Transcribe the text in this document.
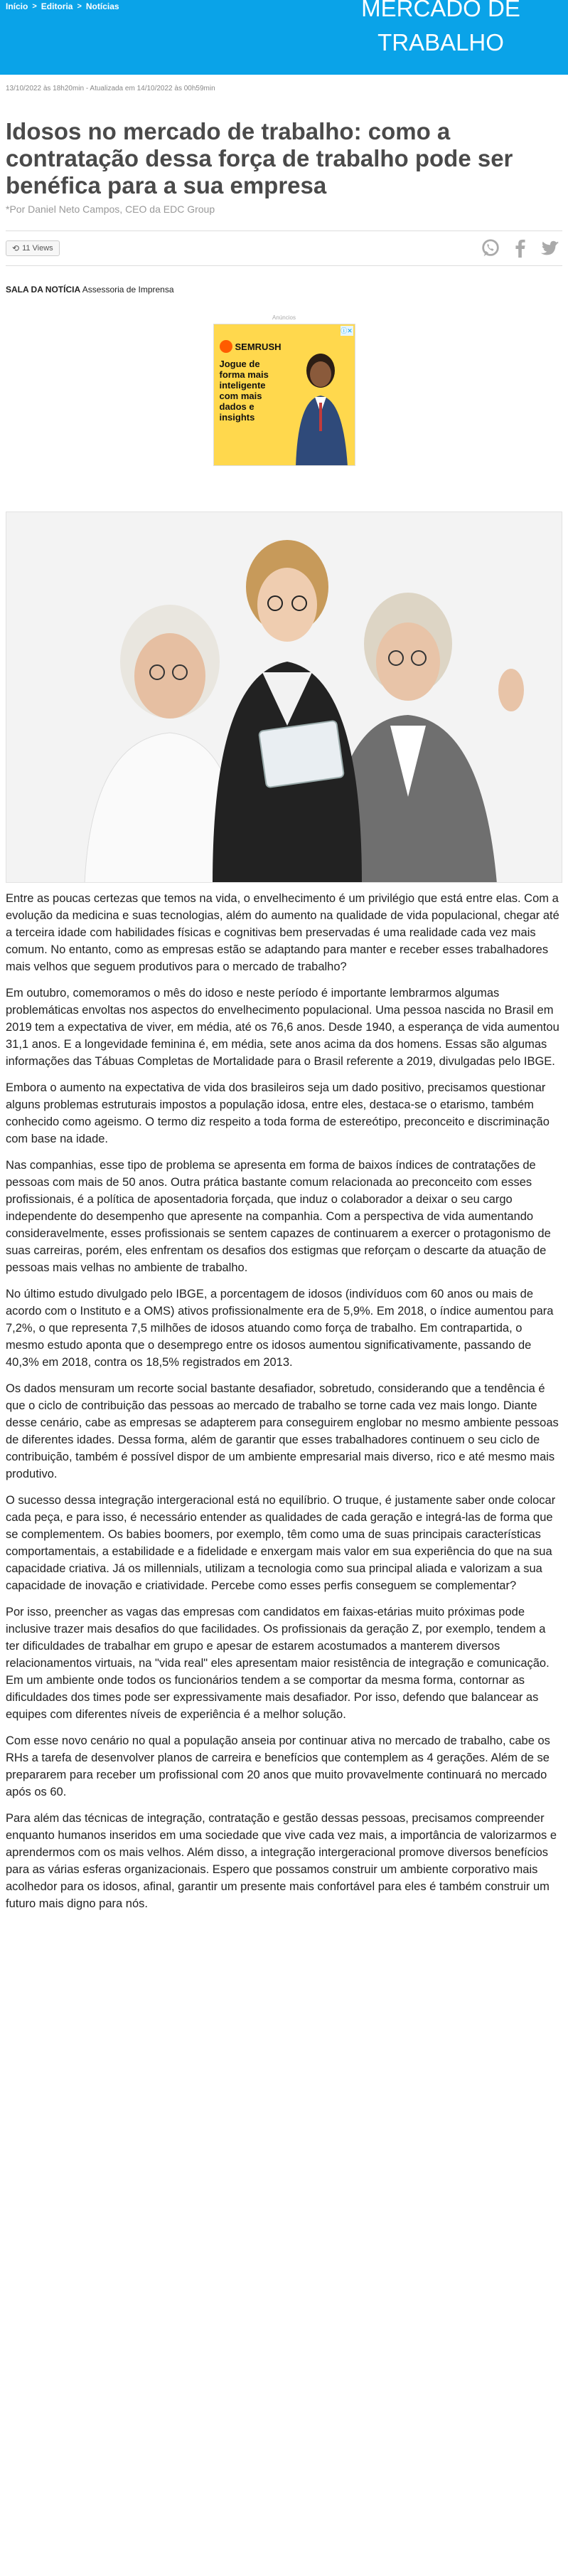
Início > Editoria > Notícias	MERCADO DE
TRABALHO
13/10/2022 às 18h20min - Atualizada em 14/10/2022 às 00h59min
Idosos no mercado de trabalho: como a contratação dessa força de trabalho pode ser benéfica para a sua empresa
*Por Daniel Neto Campos, CEO da EDC Group
⟲ 11 Views
SALA DA NOTÍCIA Assessoria de Imprensa
Anúncios
SEMRUSH
Jogue de forma mais inteligente com mais dados e insights
ⓘ✕

Entre as poucas certezas que temos na vida, o envelhecimento é um privilégio que está entre elas. Com a evolução da medicina e suas tecnologias, além do aumento na qualidade de vida populacional, chegar até a terceira idade com habilidades físicas e cognitivas bem preservadas é uma realidade cada vez mais comum. No entanto, como as empresas estão se adaptando para manter e receber esses trabalhadores mais velhos que seguem produtivos para o mercado de trabalho?

Em outubro, comemoramos o mês do idoso e neste período é importante lembrarmos algumas problemáticas envoltas nos aspectos do envelhecimento populacional. Uma pessoa nascida no Brasil em 2019 tem a expectativa de viver, em média, até os 76,6 anos. Desde 1940, a esperança de vida aumentou 31,1 anos. E a longevidade feminina é, em média, sete anos acima da dos homens. Essas são algumas informações das Tábuas Completas de Mortalidade para o Brasil referente a 2019, divulgadas pelo IBGE.

Embora o aumento na expectativa de vida dos brasileiros seja um dado positivo, precisamos questionar alguns problemas estruturais impostos a população idosa, entre eles, destaca-se o etarismo, também conhecido como ageismo. O termo diz respeito a toda forma de estereótipo, preconceito e discriminação com base na idade.

Nas companhias, esse tipo de problema se apresenta em forma de baixos índices de contratações de pessoas com mais de 50 anos. Outra prática bastante comum relacionada ao preconceito com esses profissionais, é a política de aposentadoria forçada, que induz o colaborador a deixar o seu cargo independente do desempenho que apresente na companhia. Com a perspectiva de vida aumentando consideravelmente, esses profissionais se sentem capazes de continuarem a exercer o protagonismo de suas carreiras, porém, eles enfrentam os desafios dos estigmas que reforçam o descarte da atuação de pessoas mais velhas no ambiente de trabalho.

No último estudo divulgado pelo IBGE, a porcentagem de idosos (indivíduos com 60 anos ou mais de acordo com o Instituto e a OMS) ativos profissionalmente era de 5,9%. Em 2018, o índice aumentou para 7,2%, o que representa 7,5 milhões de idosos atuando como força de trabalho. Em contrapartida, o mesmo estudo aponta que o desemprego entre os idosos aumentou significativamente, passando de 40,3% em 2018, contra os 18,5% registrados em 2013.

Os dados mensuram um recorte social bastante desafiador, sobretudo, considerando que a tendência é que o ciclo de contribuição das pessoas ao mercado de trabalho se torne cada vez mais longo. Diante desse cenário, cabe as empresas se adapterem para conseguirem englobar no mesmo ambiente pessoas de diferentes idades. Dessa forma, além de garantir que esses trabalhadores continuem o seu ciclo de contribuição, também é possível dispor de um ambiente empresarial mais diverso, rico e até mesmo mais produtivo.

O sucesso dessa integração intergeracional está no equilíbrio. O truque, é justamente saber onde colocar cada peça, e para isso, é necessário entender as qualidades de cada geração e integrá-las de forma que se complementem. Os babies boomers, por exemplo, têm como uma de suas principais características comportamentais, a estabilidade e a fidelidade e enxergam mais valor em sua experiência do que na sua capacidade criativa. Já os millennials, utilizam a tecnologia como sua principal aliada e valorizam a sua capacidade de inovação e criatividade. Percebe como esses perfis conseguem se complementar?

Por isso, preencher as vagas das empresas com candidatos em faixas-etárias muito próximas pode inclusive trazer mais desafios do que facilidades. Os profissionais da geração Z, por exemplo, tendem a ter dificuldades de trabalhar em grupo e apesar de estarem acostumados a manterem diversos relacionamentos virtuais, na "vida real" eles apresentam maior resistência de integração e comunicação. Em um ambiente onde todos os funcionários tendem a se comportar da mesma forma, contornar as dificuldades dos times pode ser expressivamente mais desafiador. Por isso, defendo que balancear as equipes com diferentes níveis de experiência é a melhor solução.

Com esse novo cenário no qual a população anseia por continuar ativa no mercado de trabalho, cabe os RHs a tarefa de desenvolver planos de carreira e benefícios que contemplem as 4 gerações. Além de se prepararem para receber um profissional com 20 anos que muito provavelmente continuará no mercado após os 60.

Para além das técnicas de integração, contratação e gestão dessas pessoas, precisamos compreender enquanto humanos inseridos em uma sociedade que vive cada vez mais, a importância de valorizarmos e aprendermos com os mais velhos. Além disso, a integração intergeracional promove diversos benefícios para as várias esferas organizacionais. Espero que possamos construir um ambiente corporativo mais acolhedor para os idosos, afinal, garantir um presente mais confortável para eles é também construir um futuro mais digno para nós.
